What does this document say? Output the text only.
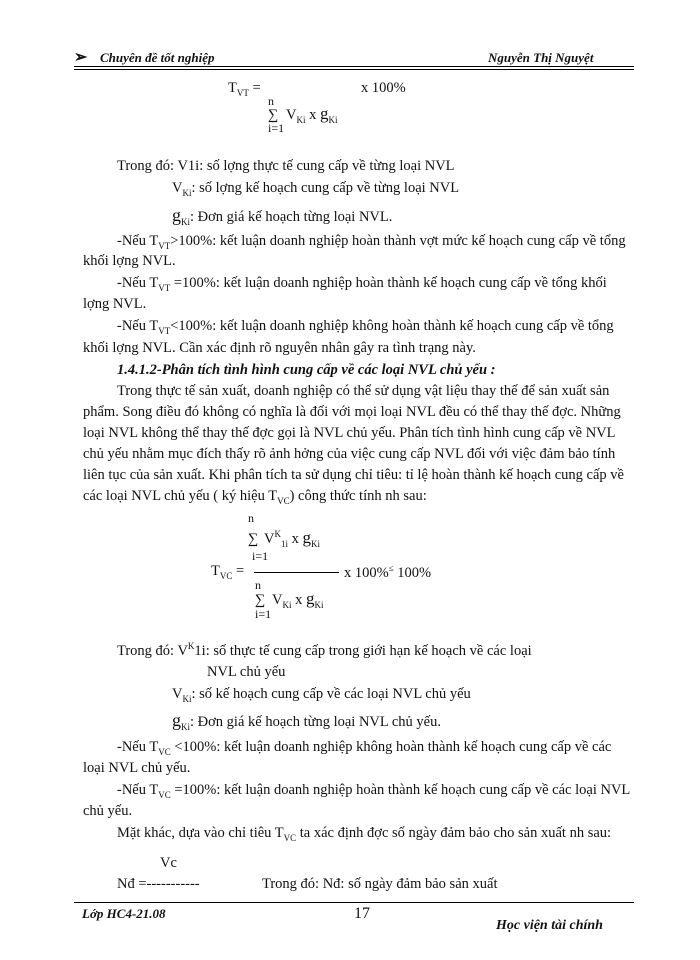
➢ Chuyên đề tốt nghiệp	Nguyễn Thị Nguyệt
$T_{VT}$ =	x 100%
n
∑ $V_{Ki}$ x $g_{Ki}$
i=1
Trong đó: V1i: số lợng thực tế cung cấp về từng loại NVL
$V_{Ki}$: số lợng kế hoạch cung cấp về từng loại NVL
$g_{Ki}$: Đơn giá kế hoạch từng loại NVL.
-Nếu $T_{VT}>100\%$: kết luận doanh nghiệp hoàn thành vợt mức kế hoạch cung cấp về tổng
khối lợng NVL.
-Nếu $T_{VT} =100\%$: kết luận doanh nghiệp hoàn thành kế hoạch cung cấp về tổng khối
lợng NVL.
-Nếu $T_{VT}<100\%$: kết luận doanh nghiệp không hoàn thành kế hoạch cung cấp về tổng
khối lợng NVL. Cần xác định rõ nguyên nhân gây ra tình trạng này.
1.4.1.2-Phân tích tình hình cung cấp về các loại NVL chủ yếu :
Trong thực tế sản xuất, doanh nghiệp có thể sử dụng vật liệu thay thế để sản xuất sản
phẩm. Song điều đó không có nghĩa là đối với mọi loại NVL đều có thể thay thế đợc. Những
loại NVL không thể thay thế đợc gọi là NVL chủ yếu. Phân tích tình hình cung cấp về NVL
chủ yếu nhằm mục đích thấy rõ ảnh hởng của việc cung cấp NVL đối với việc đảm bảo tính
liên tục của sản xuất. Khi phân tích ta sử dụng chỉ tiêu: tỉ lệ hoàn thành kế hoạch cung cấp về
các loại NVL chủ yếu ( ký hiệu $T_{VC}$) công thức tính nh sau:
n
∑ $V^K_{1i}$ x $g_{Ki}$
i=1
$T_{VC}$ =	x 100%≤ 100%
n
∑ $V_{Ki}$ x $g_{Ki}$
i=1
Trong đó: $V^K1i$: số thực tế cung cấp trong giới hạn kế hoạch về các loại
NVL chủ yếu
$V_{Ki}$: số kế hoạch cung cấp về các loại NVL chủ yếu
$g_{Ki}$: Đơn giá kế hoạch từng loại NVL chủ yếu.
-Nếu $T_{VC} <100\%$: kết luận doanh nghiệp không hoàn thành kế hoạch cung cấp về các
loại NVL chủ yếu.
-Nếu $T_{VC} =100\%$: kết luận doanh nghiệp hoàn thành kế hoạch cung cấp về các loại NVL
chủ yếu.
Mặt khác, dựa vào chỉ tiêu $T_{VC}$ ta xác định đợc số ngày đảm bảo cho sản xuất nh sau:
Vc
Nđ =-----------	Trong đó: Nđ: số ngày đảm bảo sản xuất
Lớp HC4-21.08	17
Học viện tài chính
